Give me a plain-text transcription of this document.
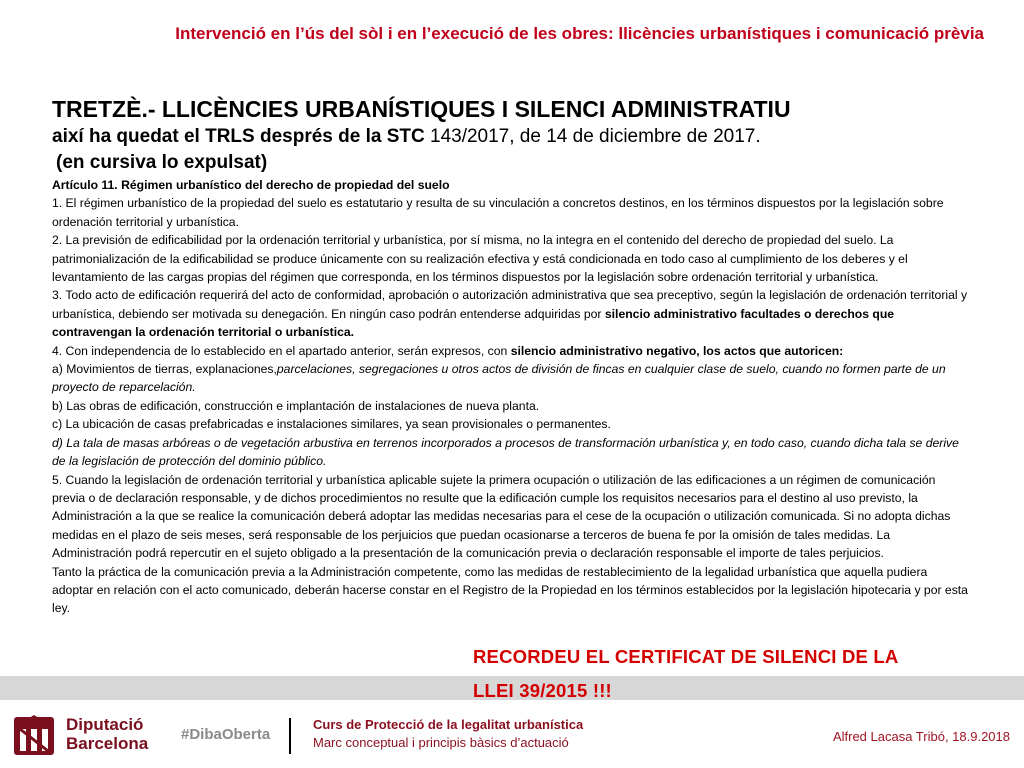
Intervenció en l’ús del sòl i en l’execució de les obres: llicències urbanístiques i comunicació prèvia
TRETZÈ.- LLICÈNCIES URBANÍSTIQUES I SILENCI ADMINISTRATIU
així ha quedat el TRLS després de la STC 143/2017, de 14 de diciembre de 2017.
(en cursiva lo expulsat)

Artículo 11. Régimen urbanístico del derecho de propiedad del suelo

1. El régimen urbanístico de la propiedad del suelo es estatutario y resulta de su vinculación a concretos destinos, en los términos dispuestos por la legislación sobre ordenación territorial y urbanística.

2. La previsión de edificabilidad por la ordenación territorial y urbanística, por sí misma, no la integra en el contenido del derecho de propiedad del suelo. La patrimonialización de la edificabilidad se produce únicamente con su realización efectiva y está condicionada en todo caso al cumplimiento de los deberes y el levantamiento de las cargas propias del régimen que corresponda, en los términos dispuestos por la legislación sobre ordenación territorial y urbanística.

3. Todo acto de edificación requerirá del acto de conformidad, aprobación o autorización administrativa que sea preceptivo, según la legislación de ordenación territorial y urbanística, debiendo ser motivada su denegación. En ningún caso podrán entenderse adquiridas por silencio administrativo facultades o derechos que contravengan la ordenación territorial o urbanística.

4. Con independencia de lo establecido en el apartado anterior, serán expresos, con silencio administrativo negativo, los actos que autoricen:

a) Movimientos de tierras, explanaciones,parcelaciones, segregaciones u otros actos de división de fincas en cualquier clase de suelo, cuando no formen parte de un proyecto de reparcelación.

b) Las obras de edificación, construcción e implantación de instalaciones de nueva planta.

c) La ubicación de casas prefabricadas e instalaciones similares, ya sean provisionales o permanentes.

d) La tala de masas arbóreas o de vegetación arbustiva en terrenos incorporados a procesos de transformación urbanística y, en todo caso, cuando dicha tala se derive de la legislación de protección del dominio público.

5. Cuando la legislación de ordenación territorial y urbanística aplicable sujete la primera ocupación o utilización de las edificaciones a un régimen de comunicación previa o de declaración responsable, y de dichos procedimientos no resulte que la edificación cumple los requisitos necesarios para el destino al uso previsto, la Administración a la que se realice la comunicación deberá adoptar las medidas necesarias para el cese de la ocupación o utilización comunicada. Si no adopta dichas medidas en el plazo de seis meses, será responsable de los perjuicios que puedan ocasionarse a terceros de buena fe por la omisión de tales medidas. La Administración podrá repercutir en el sujeto obligado a la presentación de la comunicación previa o declaración responsable el importe de tales perjuicios.

Tanto la práctica de la comunicación previa a la Administración competente, como las medidas de restablecimiento de la legalidad urbanística que aquella pudiera adoptar en relación con el acto comunicado, deberán hacerse constar en el Registro de la Propiedad en los términos establecidos por la legislación hipotecaria y por esta ley.

RECORDEU EL CERTIFICAT DE SILENCI DE LA
LLEI 39/2015 !!!
Diputació
Barcelona #DibaOberta
Curs de Protecció de la legalitat urbanística
Marc conceptual i principis bàsics d’actuació	Alfred Lacasa Tribó, 18.9.2018
